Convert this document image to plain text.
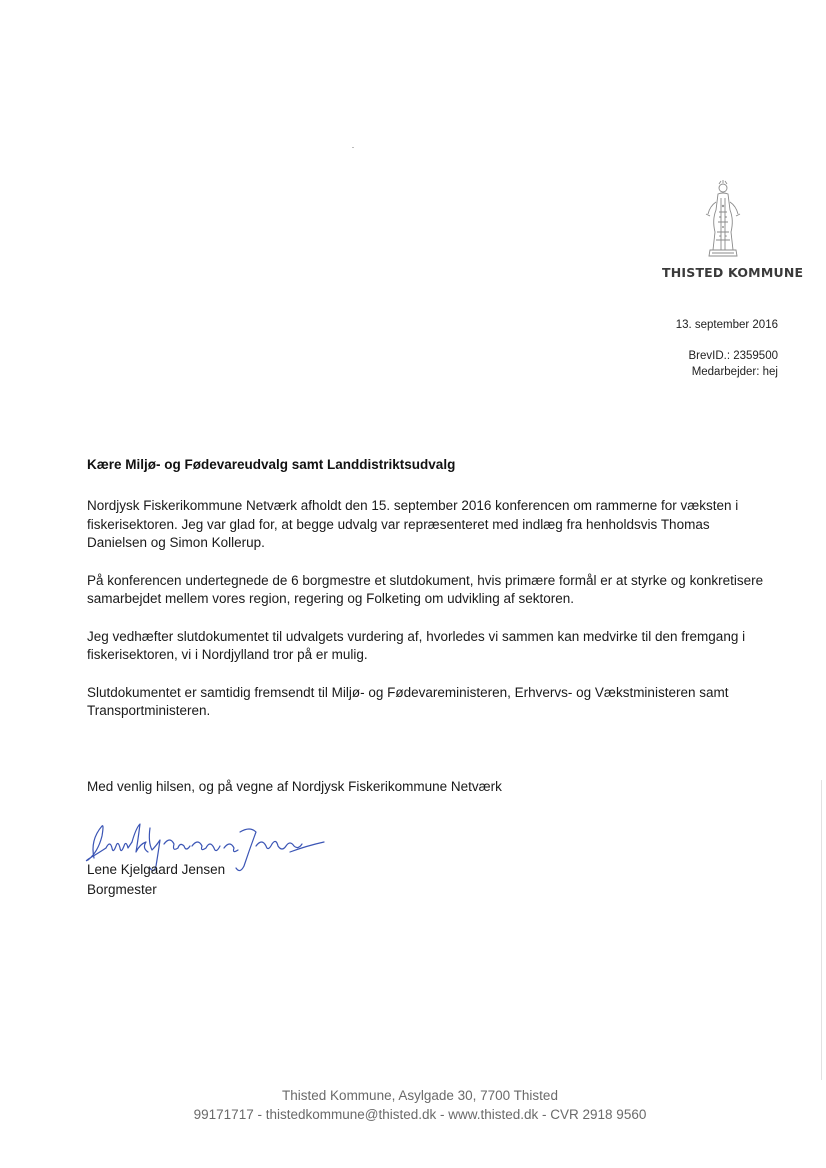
THISTED KOMMUNE
13. september 2016
BrevID.: 2359500
Medarbejder: hej
Kære Miljø- og Fødevareudvalg samt Landdistriktsudvalg

Nordjysk Fiskerikommune Netværk afholdt den 15. september 2016 konferencen om rammerne for væksten i fiskerisektoren. Jeg var glad for, at begge udvalg var repræsenteret med indlæg fra henholdsvis Thomas Danielsen og Simon Kollerup.

På konferencen undertegnede de 6 borgmestre et slutdokument, hvis primære formål er at styrke og konkretisere samarbejdet mellem vores region, regering og Folketing om udvikling af sektoren.

Jeg vedhæfter slutdokumentet til udvalgets vurdering af, hvorledes vi sammen kan medvirke til den fremgang i fiskerisektoren, vi i Nordjylland tror på er mulig.

Slutdokumentet er samtidig fremsendt til Miljø- og Fødevareministeren, Erhvervs- og Vækstministeren samt Transportministeren.

Med venlig hilsen, og på vegne af Nordjysk Fiskerikommune Netværk
Lene Kjelgaard Jensen
Borgmester
Thisted Kommune, Asylgade 30, 7700 Thisted
99171717 - thistedkommune@thisted.dk - www.thisted.dk - CVR 2918 9560
